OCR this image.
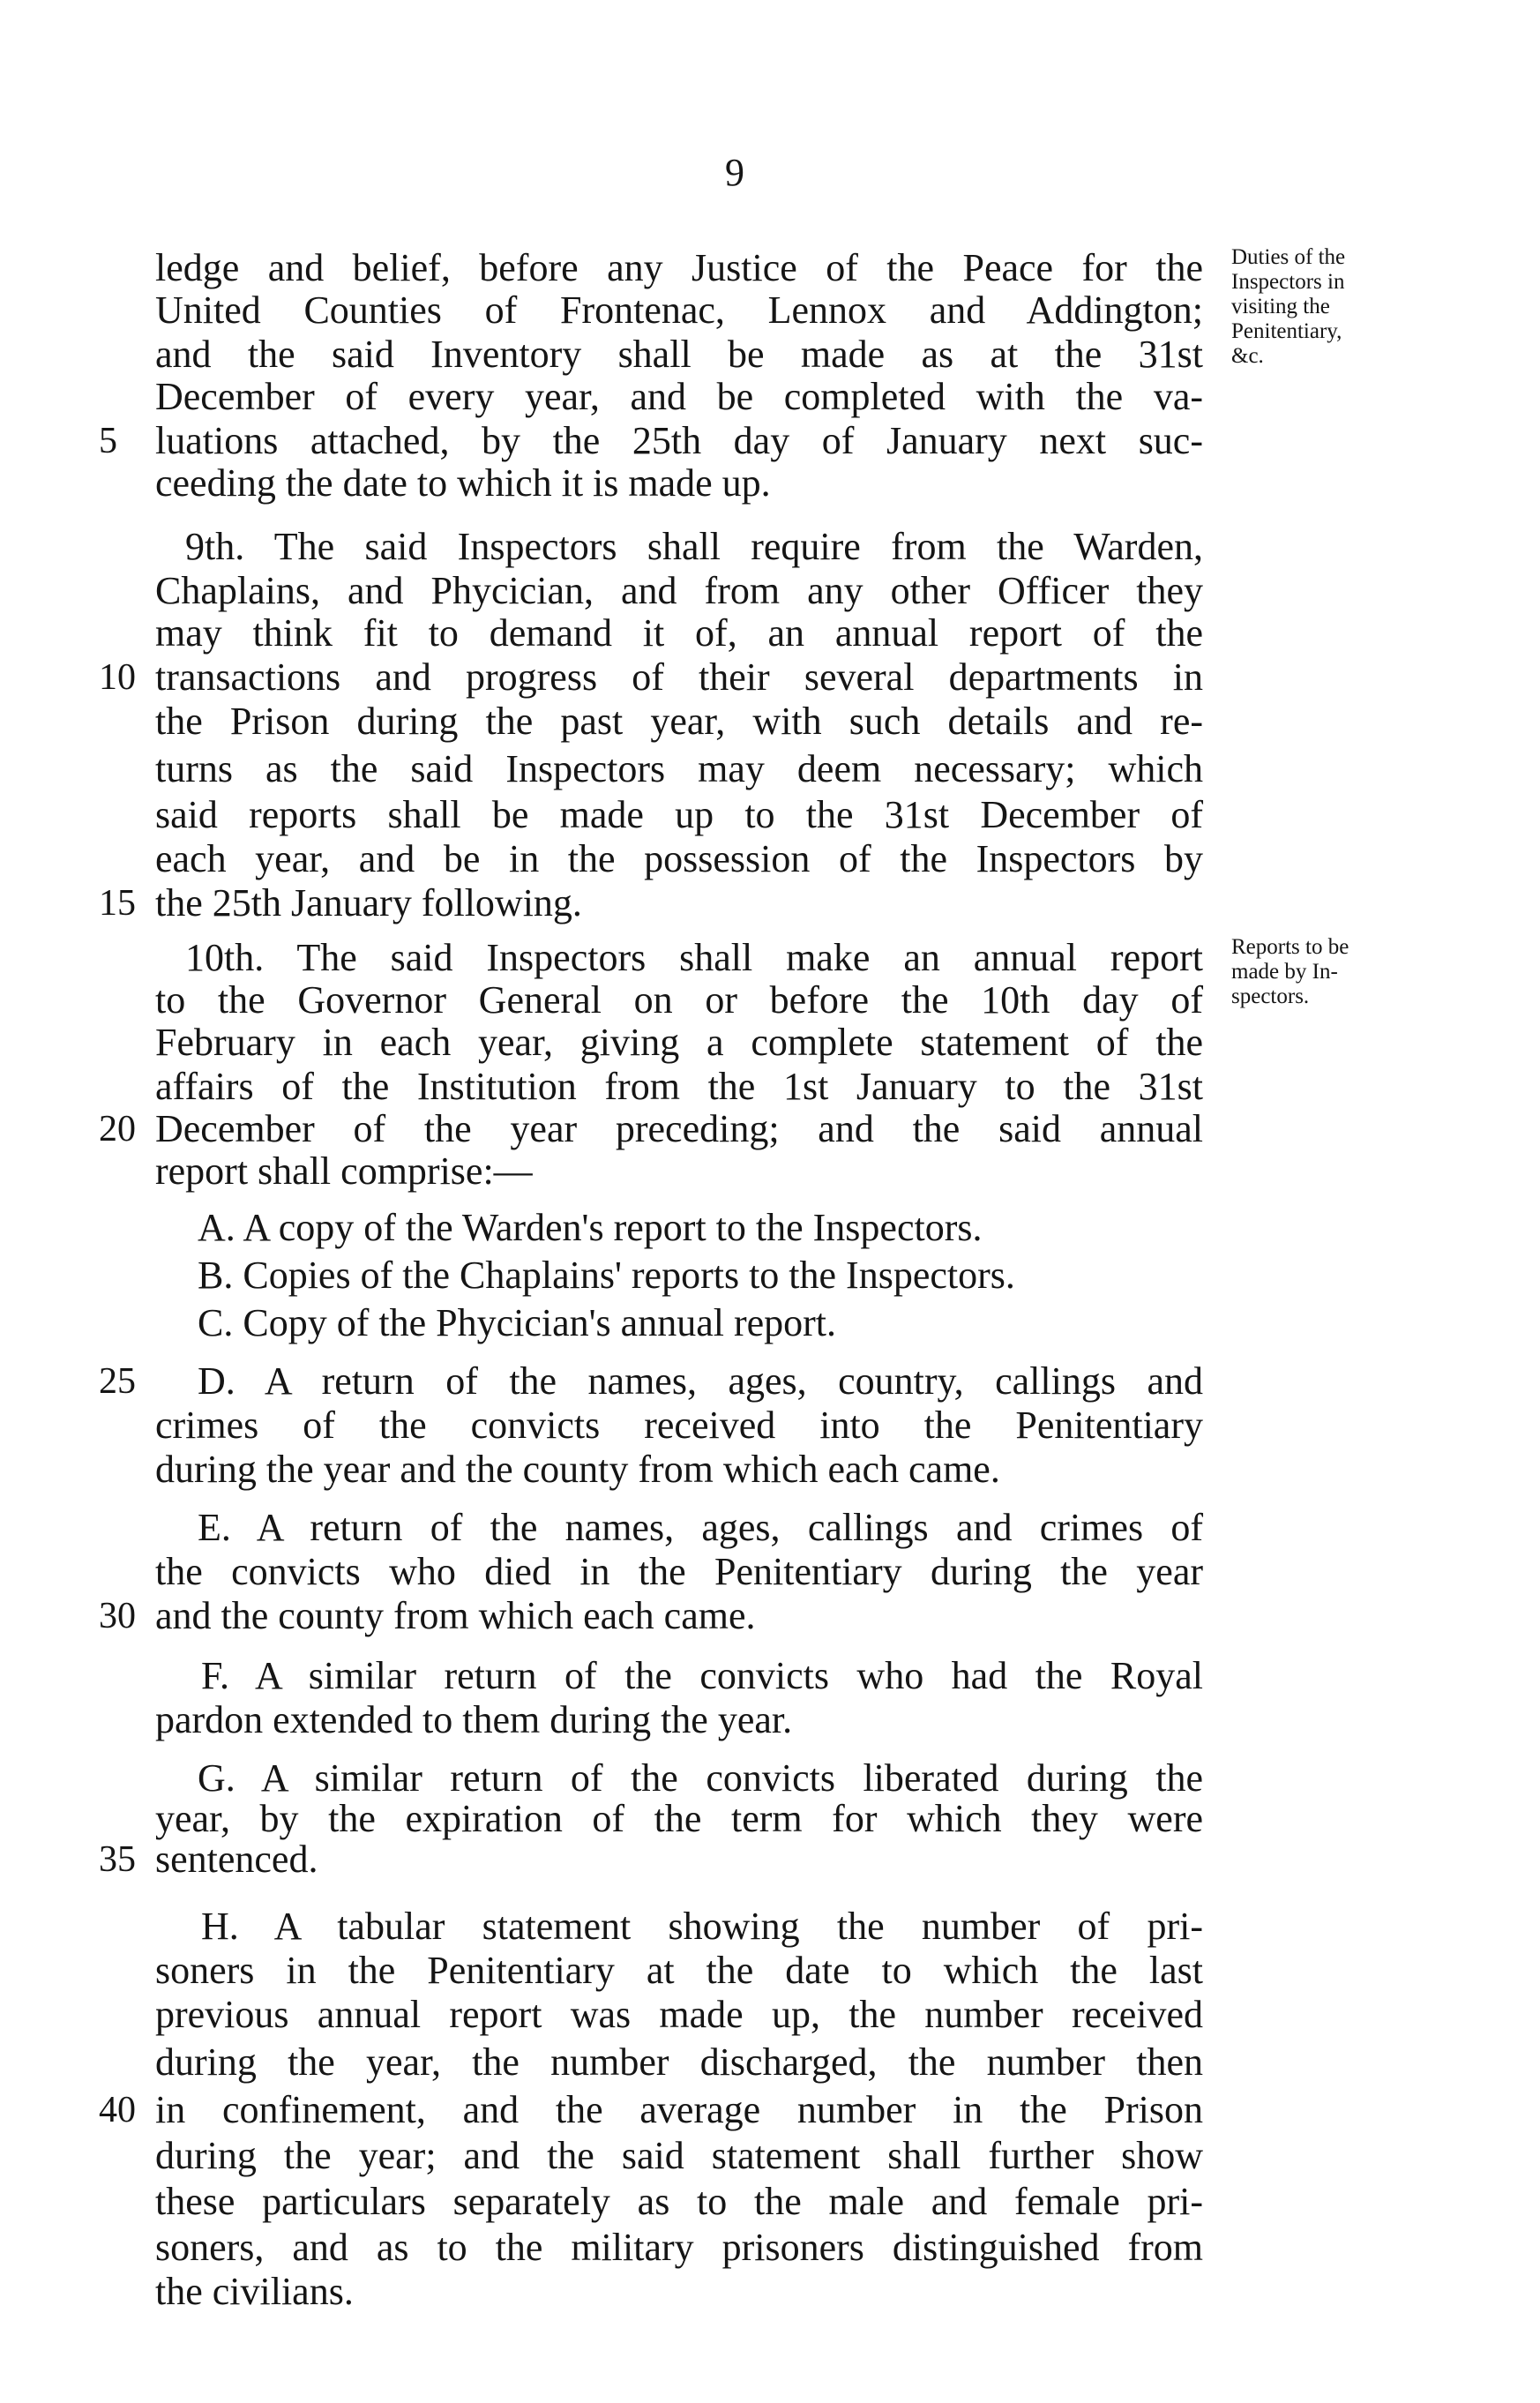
9
Duties of the
Inspectors in
visiting the
Penitentiary,
&c.
Reports to be
made by In-
spectors.
5
10
15
20
25
30
35
40
ledge and belief, before any Justice of the Peace for the
United Counties of Frontenac, Lennox and Addington;
and the said Inventory shall be made as at the 31st
December of every year, and be completed with the va-
luations attached, by the 25th day of January next suc-
ceeding the date to which it is made up.
9th. The said Inspectors shall require from the Warden,
Chaplains, and Phycician, and from any other Officer they
may think fit to demand it of, an annual report of the
transactions and progress of their several departments in
the Prison during the past year, with such details and re-
turns as the said Inspectors may deem necessary; which
said reports shall be made up to the 31st December of
each year, and be in the possession of the Inspectors by
the 25th January following.
10th. The said Inspectors shall make an annual report
to the Governor General on or before the 10th day of
February in each year, giving a complete statement of the
affairs of the Institution from the 1st January to the 31st
December of the year preceding; and the said annual
report shall comprise:—
A. A copy of the Warden's report to the Inspectors.
B. Copies of the Chaplains' reports to the Inspectors.
C. Copy of the Phycician's annual report.
D. A return of the names, ages, country, callings and
crimes of the convicts received into the Penitentiary
during the year and the county from which each came.
E. A return of the names, ages, callings and crimes of
the convicts who died in the Penitentiary during the year
and the county from which each came.
F. A similar return of the convicts who had the Royal
pardon extended to them during the year.
G. A similar return of the convicts liberated during the
year, by the expiration of the term for which they were
sentenced.
H. A tabular statement showing the number of pri-
soners in the Penitentiary at the date to which the last
previous annual report was made up, the number received
during the year, the number discharged, the number then
in confinement, and the average number in the Prison
during the year; and the said statement shall further show
these particulars separately as to the male and female pri-
soners, and as to the military prisoners distinguished from
the civilians.
